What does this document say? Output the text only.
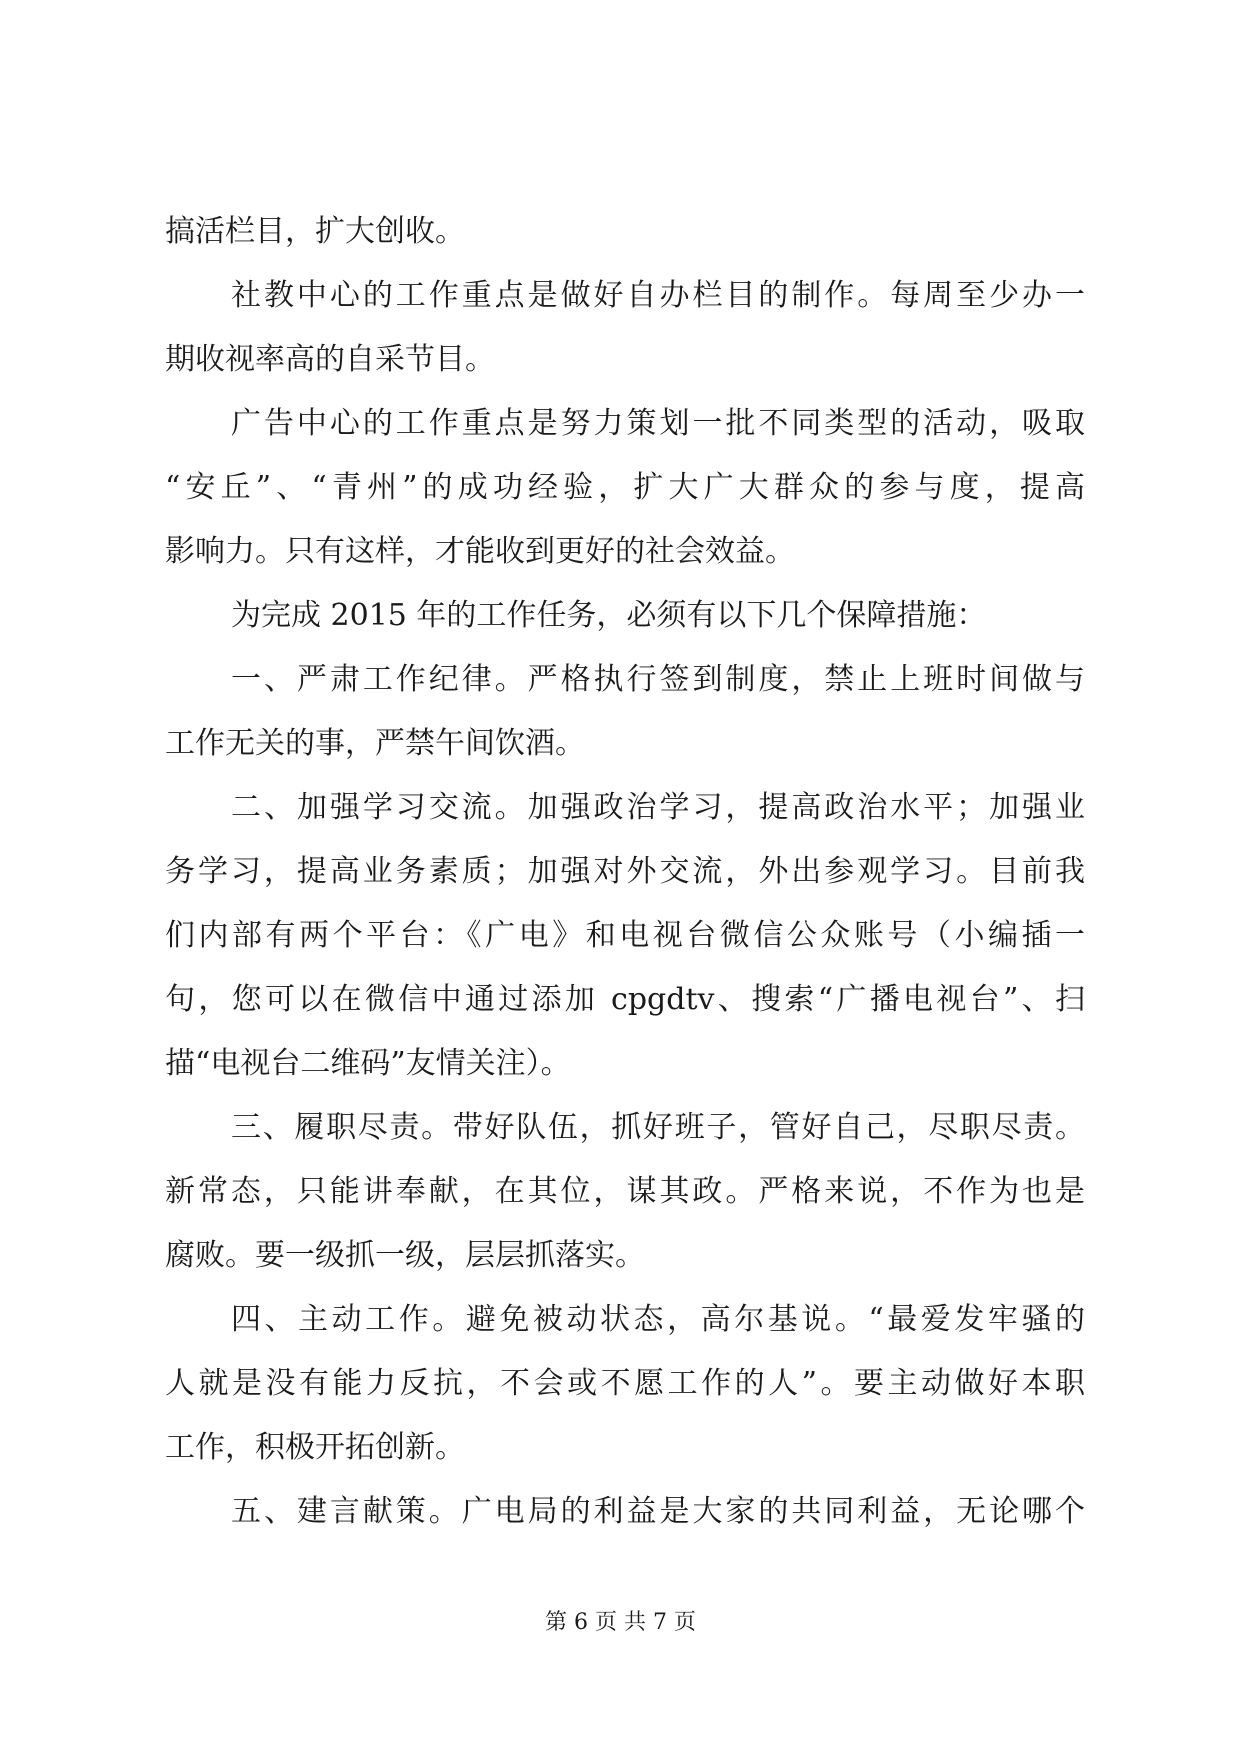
搞活栏目，扩大创收。
社教中心的工作重点是做好自办栏目的制作。每周至少办一
期收视率高的自采节目。
广告中心的工作重点是努力策划一批不同类型的活动，吸取
“安丘”、“青州”的成功经验，扩大广大群众的参与度，提高
影响力。只有这样，才能收到更好的社会效益。
为完成 2015 年的工作任务，必须有以下几个保障措施：
一、严肃工作纪律。严格执行签到制度，禁止上班时间做与
工作无关的事，严禁午间饮酒。
二、加强学习交流。加强政治学习，提高政治水平；加强业
务学习，提高业务素质；加强对外交流，外出参观学习。目前我
们内部有两个平台：《广电》和电视台微信公众账号（小编插一
句，您可以在微信中通过添加 cpgdtv、搜索“广播电视台”、扫
描“电视台二维码”友情关注）。
三、履职尽责。带好队伍，抓好班子，管好自己，尽职尽责。
新常态，只能讲奉献，在其位，谋其政。严格来说，不作为也是
腐败。要一级抓一级，层层抓落实。
四、主动工作。避免被动状态，高尔基说。“最爱发牢骚的
人就是没有能力反抗，不会或不愿工作的人”。要主动做好本职
工作，积极开拓创新。
五、建言献策。广电局的利益是大家的共同利益，无论哪个
第 6 页 共 7 页
